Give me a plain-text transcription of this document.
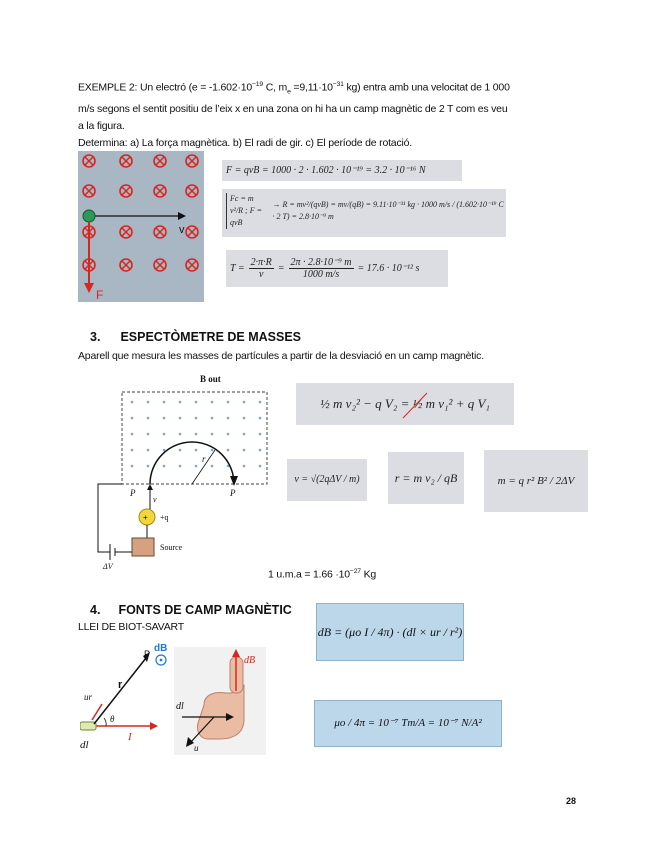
EXEMPLE 2: Un electró ($e = -1.602\cdot 10^{-19}$ C, $m_e =9,11\cdot 10^{-31}$ kg) entra amb una velocitat de 1 000
m/s segons el sentit positiu de l’eix x en una zona on hi ha un camp magnètic de 2 T com es veu
a la figura.
Determina: a) La força magnètica. b) El radi de gir. c) El període de rotació.
v
F
F = qvB = 1000 · 2 · 1.602 · 10⁻¹⁹ = 3.2 · 10⁻¹⁶ N
Fc = m v²/R ; F = qvB
→ R = mv²/(qvB) = mv/(qB) = 9.11·10⁻³¹ kg · 1000 m/s / (1.602·10⁻¹⁹ C · 2 T) = 2.8·10⁻⁹ m
$T = \frac{2\cdot\pi\cdot R}{v} = \frac{\text{2π · 2.8·10⁻⁹ m}}{1000 m/s} = 17.6 \cdot 10^{-12}$ s
3. ESPECTÒMETRE DE MASSES
Aparell que mesura les masses de partícules a partir de la desviació en un camp magnètic.
r
B out
P	P
v
+ +q
Source
ΔV
½ m v₂² − q V₂ = ½ m v₁² + q V₁
v = √(2qΔV / m)	r = m v₂ / qB	m = q r² B² / 2ΔV
1 $u.m.a = 1.66 \cdot 10^{-27}$ Kg
4. FONTS DE CAMP MAGNÈTIC
LLEI DE BIOT-SAVART	dB = (μo I / 4π) · (dl × ur / r²)
μo / 4π = 10⁻⁷ Tm/A = 10⁻⁷ N/A²
ur
r
P dB
θ
I
dl
dB
dl
u
28
